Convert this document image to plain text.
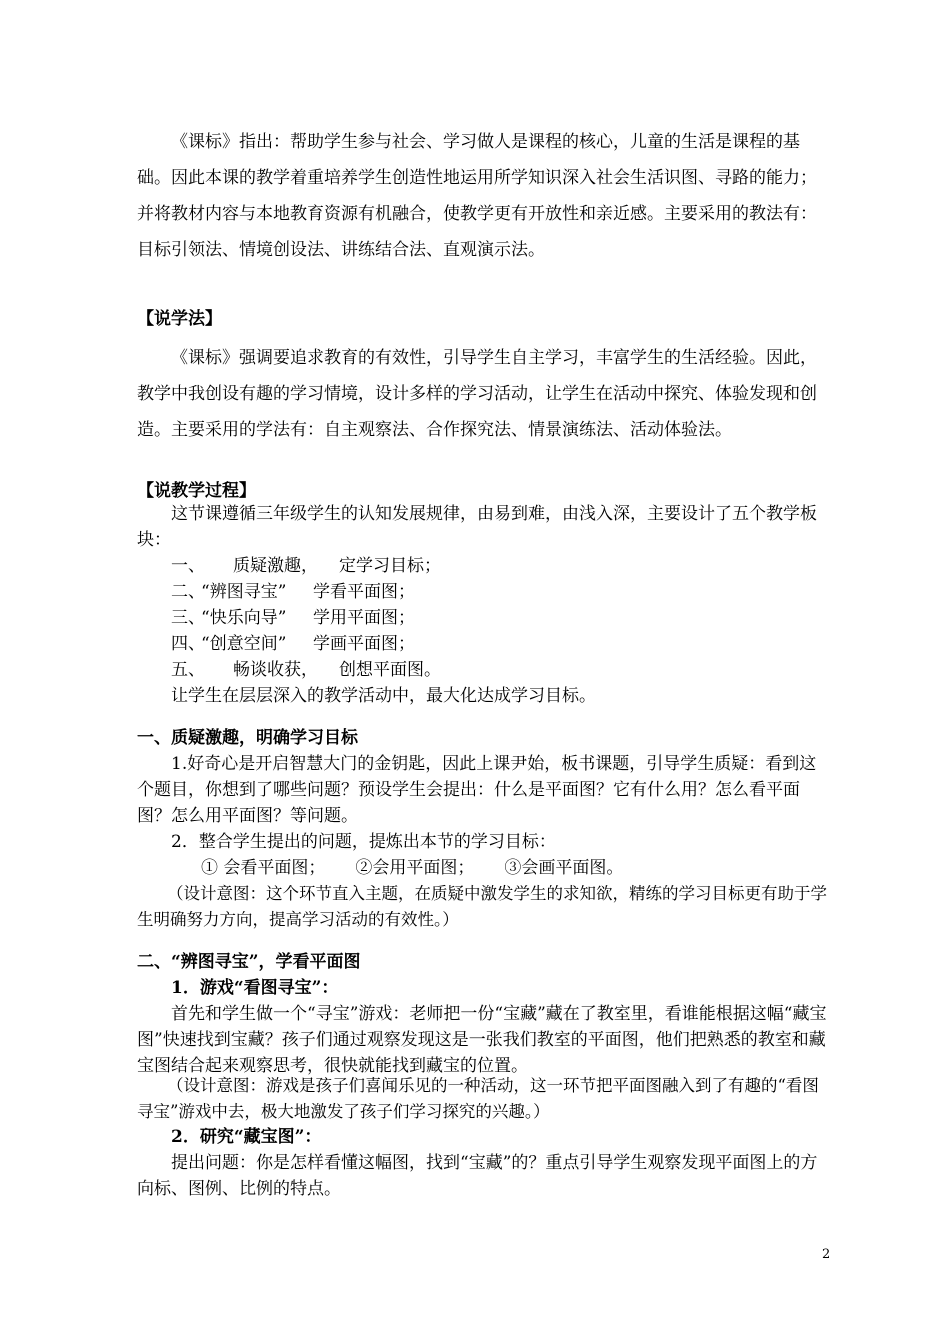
《课标》指出：帮助学生参与社会、学习做人是课程的核心，儿童的生活是课程的基础。因此本课的教学着重培养学生创造性地运用所学知识深入社会生活识图、寻路的能力；并将教材内容与本地教育资源有机融合，使教学更有开放性和亲近感。主要采用的教法有：目标引领法、情境创设法、讲练结合法、直观演示法。

【说学法】

《课标》强调要追求教育的有效性，引导学生自主学习，丰富学生的生活经验。因此，教学中我创设有趣的学习情境，设计多样的学习活动，让学生在活动中探究、体验发现和创造。主要采用的学法有：自主观察法、合作探究法、情景演练法、活动体验法。

【说教学过程】

这节课遵循三年级学生的认知发展规律，由易到难，由浅入深，主要设计了五个教学板块：

一、	质疑激趣，	定学习目标；
二、
“辨图寻宝”	学看平面图；
三、
“快乐向导”	学用平面图；
四、
“创意空间”	学画平面图；
五、	畅谈收获，	创想平面图。

让学生在层层深入的教学活动中，最大化达成学习目标。

一、质疑激趣，明确学习目标

1.好奇心是开启智慧大门的金钥匙，因此上课尹始，板书课题，引导学生质疑：看到这个题目，你想到了哪些问题？预设学生会提出：什么是平面图？它有什么用？怎么看平面图？怎么用平面图？等问题。

2．整合学生提出的问题，提炼出本节的学习目标：

① 会看平面图； ②会用平面图； ③会画平面图。

（设计意图：这个环节直入主题，在质疑中激发学生的求知欲，精练的学习目标更有助于学生明确努力方向，提高学习活动的有效性。）

二、“辨图寻宝”，学看平面图
1．游戏“看图寻宝”：

首先和学生做一个“寻宝”游戏：老师把一份“宝藏”藏在了教室里，看谁能根据这幅“藏宝图”快速找到宝藏？孩子们通过观察发现这是一张我们教室的平面图，他们把熟悉的教室和藏宝图结合起来观察思考，很快就能找到藏宝的位置。

（设计意图：游戏是孩子们喜闻乐见的一种活动，这一环节把平面图融入到了有趣的“看图寻宝”游戏中去，极大地激发了孩子们学习探究的兴趣。）

2．研究“藏宝图”：

提出问题：你是怎样看懂这幅图，找到“宝藏”的？重点引导学生观察发现平面图上的方向标、图例、比例的特点。

2
